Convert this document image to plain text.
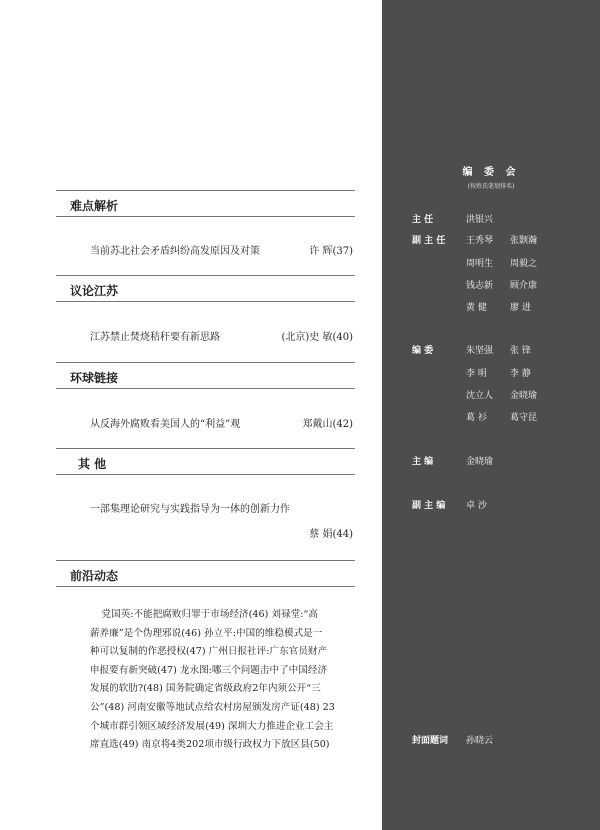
难点解析
当前苏北社会矛盾纠纷高发原因及对策	许 辉(37)
议论江苏
江苏禁止焚烧秸秆要有新思路	(北京)史 敏(40)
环球链接
从反海外腐败看美国人的“利益”观	郑戴山(42)
其 他
一部集理论研究与实践指导为一体的创新力作
蔡 娟(44)
前沿动态

党国英:不能把腐败归罪于市场经济(46) 刘禄堂:“高

薪养廉”是个伪理邪说(46) 孙立平:中国的维稳模式是一

种可以复制的作恶授权(47) 广州日报社评:广东官员财产

申报要有新突破(47) 龙永图:哪三个问题击中了中国经济

发展的软肋?(48) 国务院确定省级政府2年内须公开“三

公”(48) 河南安徽等地试点给农村房屋颁发房产证(48) 23

个城市群引领区域经济发展(49) 深圳大力推进企业工会主

席直选(49) 南京将4类202项市级行政权力下放区县(50)

编 委 会
(按姓氏笔划排名)
主 任	洪银兴
副 主 任 王秀琴 张颢瀚
周明生 周毅之
钱志新 顾介康
黄 健	廖 进
编 委	朱坚强 张 锋
李 明	李 静
沈立人 金晓瑜
葛 衫	葛守昆
主 编	金晓瑜
副 主 编 卓 沙
封面题词 孙晓云
